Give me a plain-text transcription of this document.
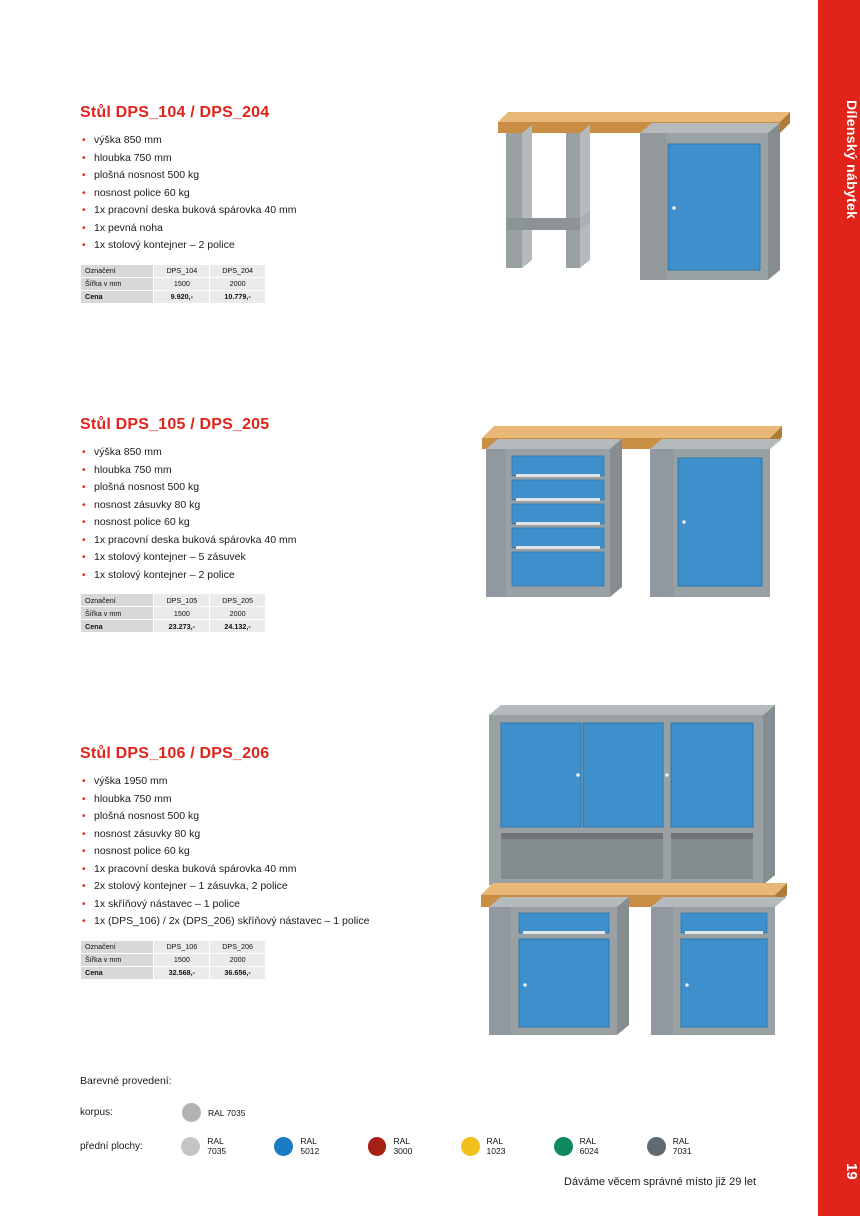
Dílenský nábytek
19
Stůl DPS_104 / DPS_204
• výška 850 mm
• hloubka 750 mm
• plošná nosnost 500 kg
• nosnost police 60 kg
• 1x pracovní deska buková spárovka 40 mm
• 1x pevná noha
• 1x stolový kontejner – 2 police
Označení	DPS_104	DPS_204
Šířka v mm	1500	2000
Cena	9.920,-	10.779,-
Stůl DPS_105 / DPS_205
• výška 850 mm
• hloubka 750 mm
• plošná nosnost 500 kg
• nosnost zásuvky 80 kg
• nosnost police 60 kg
• 1x pracovní deska buková spárovka 40 mm
• 1x stolový kontejner – 5 zásuvek
• 1x stolový kontejner – 2 police
Označení	DPS_105	DPS_205
Šířka v mm	1500	2000
Cena	23.273,-	24.132,-
Stůl DPS_106 / DPS_206
• výška 1950 mm
• hloubka 750 mm
• plošná nosnost 500 kg
• nosnost zásuvky 80 kg
• nosnost police 60 kg
• 1x pracovní deska buková spárovka 40 mm
• 2x stolový kontejner – 1 zásuvka, 2 police
• 1x skříňový nástavec – 1 police
• 1x (DPS_106) / 2x (DPS_206) skříňový nástavec – 1 police
Označení	DPS_106	DPS_206
Šířka v mm	1500	2000
Cena	32.568,-	36.656,-
Barevné provedení:
korpus:	RAL 7035
přední plochy:	RAL 7035
RAL 5012
RAL 3000
RAL 1023
RAL 6024
RAL 7031
Dáváme věcem správné místo již 29 let
